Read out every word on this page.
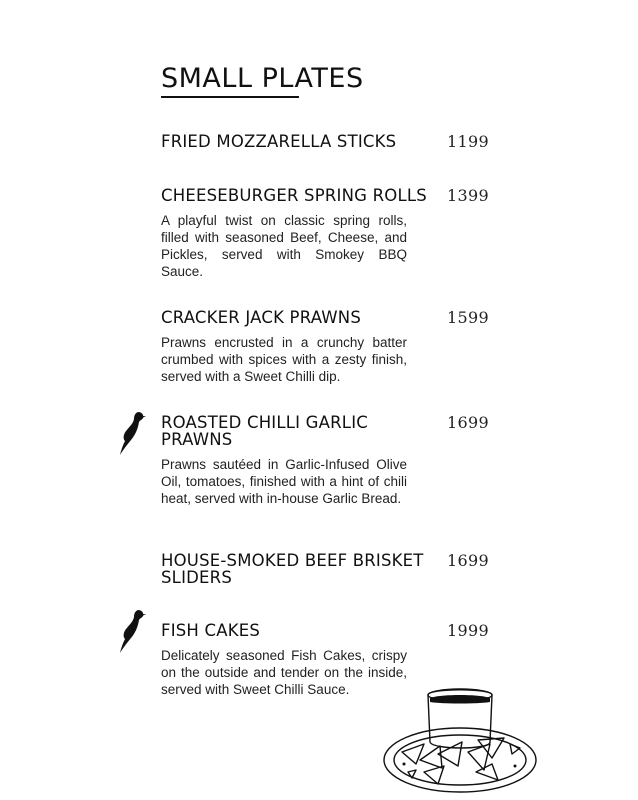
SMALL PLATES
FRIED MOZZARELLA STICKS	1199
CHEESEBURGER SPRING ROLLS	1399
A playful twist on classic spring rolls, filled with seasoned Beef, Cheese, and Pickles, served with Smokey BBQ Sauce.
CRACKER JACK PRAWNS	1599
Prawns encrusted in a crunchy batter crumbed with spices with a zesty finish, served with a Sweet Chilli dip.
ROASTED CHILLI GARLIC PRAWNS
1699
Prawns sautéed in Garlic-Infused Olive Oil, tomatoes, finished with a hint of chili heat, served with in-house Garlic Bread.
HOUSE-SMOKED BEEF BRISKET SLIDERS
1699
FISH CAKES	1999
Delicately seasoned Fish Cakes, crispy on the outside and tender on the inside, served with Sweet Chilli Sauce.
